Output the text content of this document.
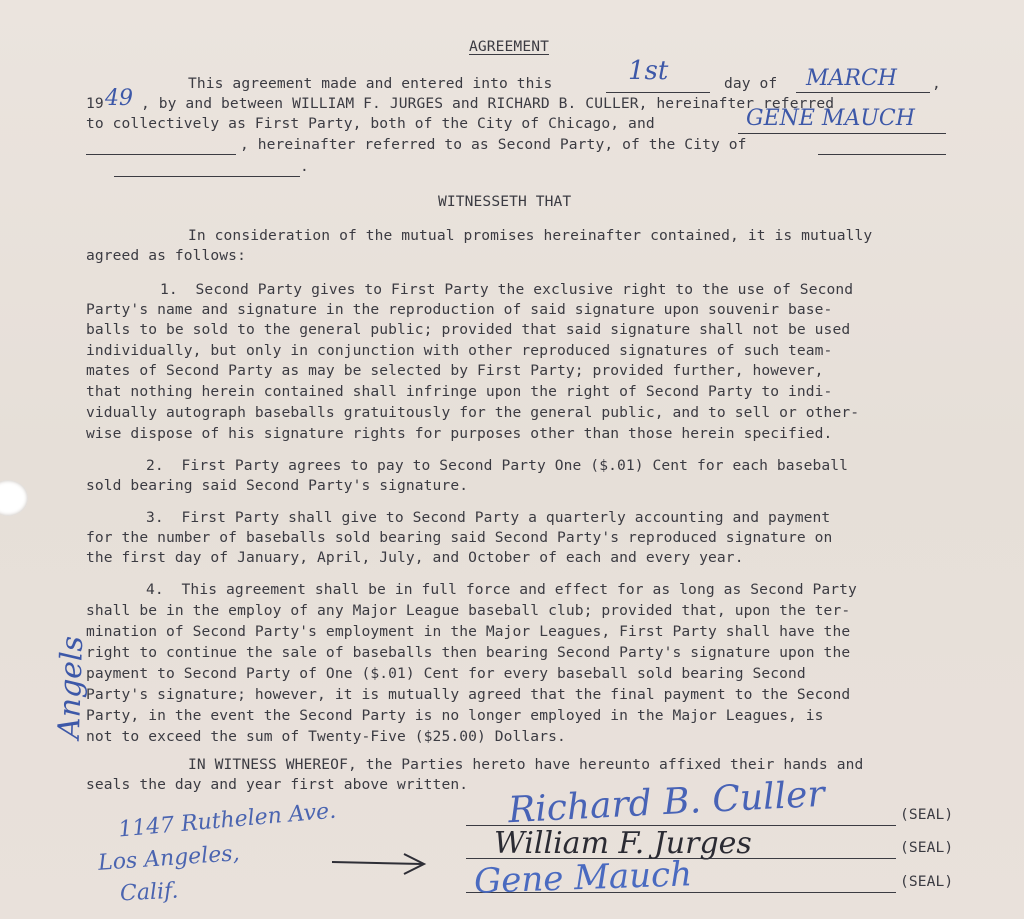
AGREEMENT
This agreement made and entered into this	1st	day of MARCH ,
19 49 , by and between WILLIAM F. JURGES and RICHARD B. CULLER, hereinafter referred
to collectively as First Party, both of the City of Chicago, and	GENE MAUCH
, hereinafter referred to as Second Party, of the City of
.
WITNESSETH THAT
In consideration of the mutual promises hereinafter contained, it is mutually
agreed as follows:
1.  Second Party gives to First Party the exclusive right to the use of Second
Party's name and signature in the reproduction of said signature upon souvenir base-
balls to be sold to the general public; provided that said signature shall not be used
individually, but only in conjunction with other reproduced signatures of such team-
mates of Second Party as may be selected by First Party; provided further, however,
that nothing herein contained shall infringe upon the right of Second Party to indi-
vidually autograph baseballs gratuitously for the general public, and to sell or other-
wise dispose of his signature rights for purposes other than those herein specified.
2.  First Party agrees to pay to Second Party One ($.01) Cent for each baseball
sold bearing said Second Party's signature.
3.  First Party shall give to Second Party a quarterly accounting and payment
for the number of baseballs sold bearing said Second Party's reproduced signature on
the first day of January, April, July, and October of each and every year.
4.  This agreement shall be in full force and effect for as long as Second Party
shall be in the employ of any Major League baseball club; provided that, upon the ter-
mination of Second Party's employment in the Major Leagues, First Party shall have the
right to continue the sale of baseballs then bearing Second Party's signature upon the
payment to Second Party of One ($.01) Cent for every baseball sold bearing Second
Party's signature; however, it is mutually agreed that the final payment to the Second
Party, in the event the Second Party is no longer employed in the Major Leagues, is
not to exceed the sum of Twenty-Five ($25.00) Dollars.
IN WITNESS WHEREOF, the Parties hereto have hereunto affixed their hands and
seals the day and year first above written.
Angels
1147 Ruthelen Ave.
Los Angeles,
Calif.
Richard B. Culler
William F. Jurges
Gene Mauch
(SEAL)
(SEAL)
(SEAL)
